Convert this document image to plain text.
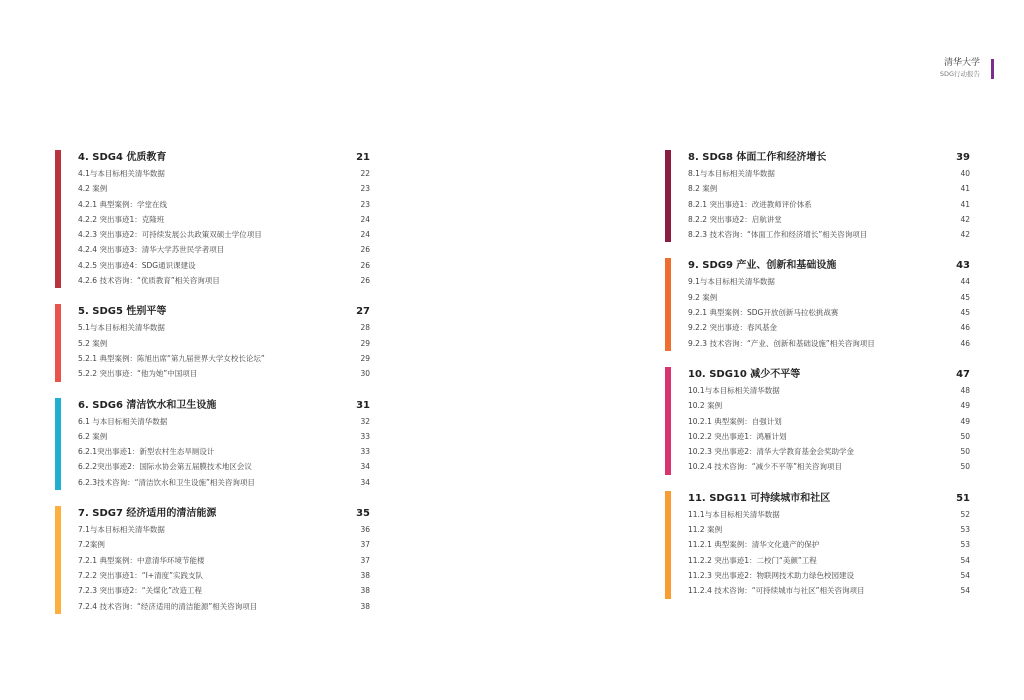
清华大学
SDG行动报告
4. SDG4 优质教育	21
4.1与本目标相关清华数据	22
4.2 案例	23
4.2.1 典型案例：学堂在线	23
4.2.2 突出事迹1：克隆班	24
4.2.3 突出事迹2：可持续发展公共政策双硕士学位项目	24
4.2.4 突出事迹3：清华大学苏世民学者项目	26
4.2.5 突出事迹4：SDG通识课建设	26
4.2.6 技术咨询：“优质教育”相关咨询项目	26
5. SDG5 性别平等	27
5.1与本目标相关清华数据	28
5.2 案例	29
5.2.1 典型案例：陈旭出席“第九届世界大学女校长论坛”	29
5.2.2 突出事迹：“他为她”中国项目	30
6. SDG6 清洁饮水和卫生设施	31
6.1 与本目标相关清华数据	32
6.2 案例	33
6.2.1突出事迹1：新型农村生态旱厕设计	33
6.2.2突出事迹2：国际水协会第五届膜技术地区会议	34
6.2.3技术咨询：“清洁饮水和卫生设施”相关咨询项目	34
7. SDG7 经济适用的清洁能源	35
7.1与本目标相关清华数据	36
7.2案例	37
7.2.1 典型案例：中意清华环境节能楼	37
7.2.2 突出事迹1：“I+清度”实践支队	38
7.2.3 突出事迹2：“关煤化”改造工程	38
7.2.4 技术咨询：“经济适用的清洁能源”相关咨询项目	38
8. SDG8 体面工作和经济增长	39
8.1与本目标相关清华数据	40
8.2 案例	41
8.2.1 突出事迹1：改进教师评价体系	41
8.2.2 突出事迹2：启航讲堂	42
8.2.3 技术咨询：“体面工作和经济增长”相关咨询项目	42
9. SDG9 产业、创新和基础设施	43
9.1与本目标相关清华数据	44
9.2 案例	45
9.2.1 典型案例：SDG开放创新马拉松挑战赛	45
9.2.2 突出事迹：春风基金	46
9.2.3 技术咨询：“产业、创新和基础设施”相关咨询项目	46
10. SDG10 减少不平等	47
10.1与本目标相关清华数据	48
10.2 案例	49
10.2.1 典型案例：自强计划	49
10.2.2 突出事迹1：鸿雁计划	50
10.2.3 突出事迹2：清华大学教育基金会奖助学金	50
10.2.4 技术咨询：“减少不平等”相关咨询项目	50
11. SDG11 可持续城市和社区	51
11.1与本目标相关清华数据	52
11.2 案例	53
11.2.1 典型案例：清华文化遗产的保护	53
11.2.2 突出事迹1：二校门“美颜”工程	54
11.2.3 突出事迹2：物联网技术助力绿色校园建设	54
11.2.4 技术咨询：“可持续城市与社区”相关咨询项目	54
